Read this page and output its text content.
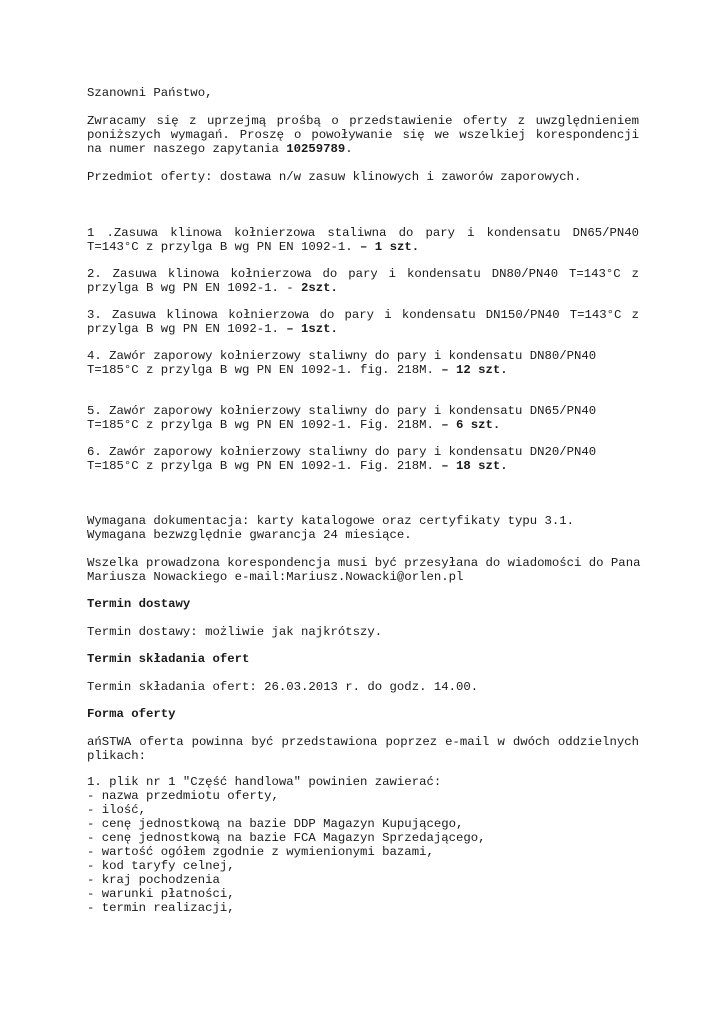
Szanowni Państwo,
Zwracamy się z uprzejmą prośbą o przedstawienie oferty z uwzględnieniem poniższych wymagań. Proszę o powoływanie się we wszelkiej korespondencji na numer naszego zapytania 10259789.
Przedmiot oferty: dostawa n/w zasuw klinowych i zaworów zaporowych.
1 .Zasuwa klinowa kołnierzowa staliwna do pary i kondensatu DN65/PN40 T=143°C z przylga B wg PN EN 1092-1. – 1 szt.
2. Zasuwa klinowa kołnierzowa do pary i kondensatu DN80/PN40 T=143°C z przylga B wg PN EN 1092-1. - 2szt.
3. Zasuwa klinowa kołnierzowa do pary i kondensatu DN150/PN40 T=143°C z przylga B wg PN EN 1092-1. – 1szt.
4. Zawór zaporowy kołnierzowy staliwny do pary i kondensatu DN80/PN40
T=185°C z przylga B wg PN EN 1092-1. fig. 218M. – 12 szt.
5. Zawór zaporowy kołnierzowy staliwny do pary i kondensatu DN65/PN40
T=185°C z przylga B wg PN EN 1092-1. Fig. 218M. – 6 szt.
6. Zawór zaporowy kołnierzowy staliwny do pary i kondensatu DN20/PN40
T=185°C z przylga B wg PN EN 1092-1. Fig. 218M. – 18 szt.
Wymagana dokumentacja: karty katalogowe oraz certyfikaty typu 3.1.
Wymagana bezwzględnie gwarancja 24 miesiące.
Wszelka prowadzona korespondencja musi być przesyłana do wiadomości do Pana
Mariusza Nowackiego e-mail:Mariusz.Nowacki@orlen.pl
Termin dostawy
Termin dostawy: możliwie jak najkrótszy.
Termin składania ofert
Termin składania ofert: 26.03.2013 r. do godz. 14.00.
Forma oferty
ańSTWA oferta powinna być przedstawiona poprzez e-mail w dwóch oddzielnych plikach:
1. plik nr 1 "Część handlowa" powinien zawierać:
- nazwa przedmiotu oferty,
- ilość,
- cenę jednostkową na bazie DDP Magazyn Kupującego,
- cenę jednostkową na bazie FCA Magazyn Sprzedającego,
- wartość ogółem zgodnie z wymienionymi bazami,
- kod taryfy celnej,
- kraj pochodzenia
- warunki płatności,
- termin realizacji,
